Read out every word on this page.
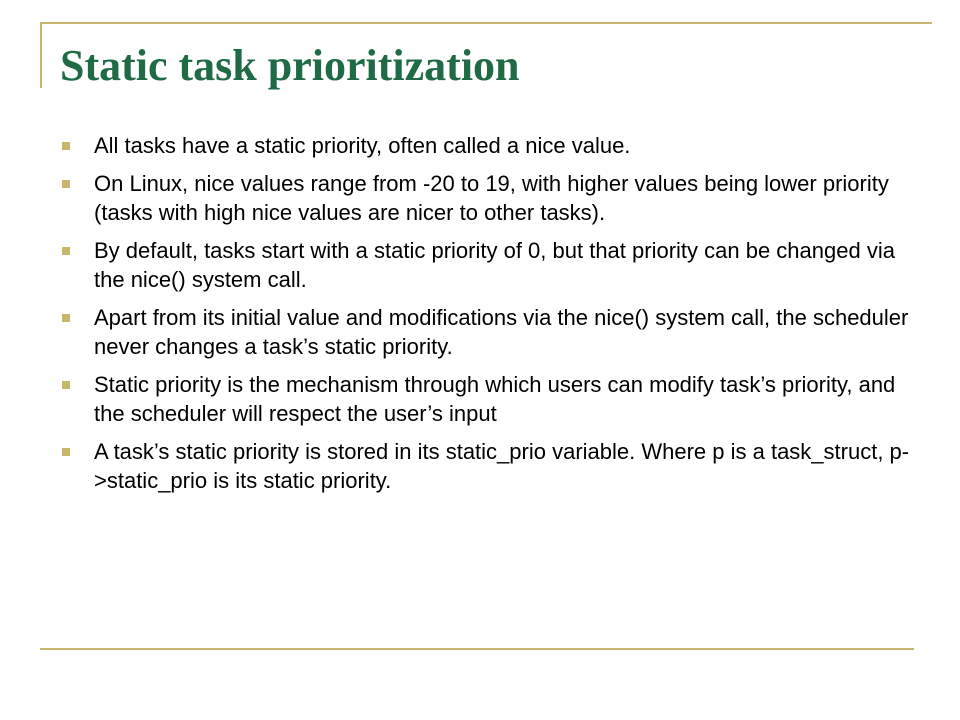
Static task prioritization
All tasks have a static priority, often called a nice value.
On Linux, nice values range from -20 to 19, with higher values being lower priority (tasks with high nice values are nicer to other tasks).
By default, tasks start with a static priority of 0, but that priority can be changed via the nice() system call.
Apart from its initial value and modifications via the nice() system call, the scheduler never changes a task’s static priority.
Static priority is the mechanism through which users can modify task’s priority, and the scheduler will respect the user’s input
A task’s static priority is stored in its static_prio variable. Where p is a task_struct, p->static_prio is its static priority.
